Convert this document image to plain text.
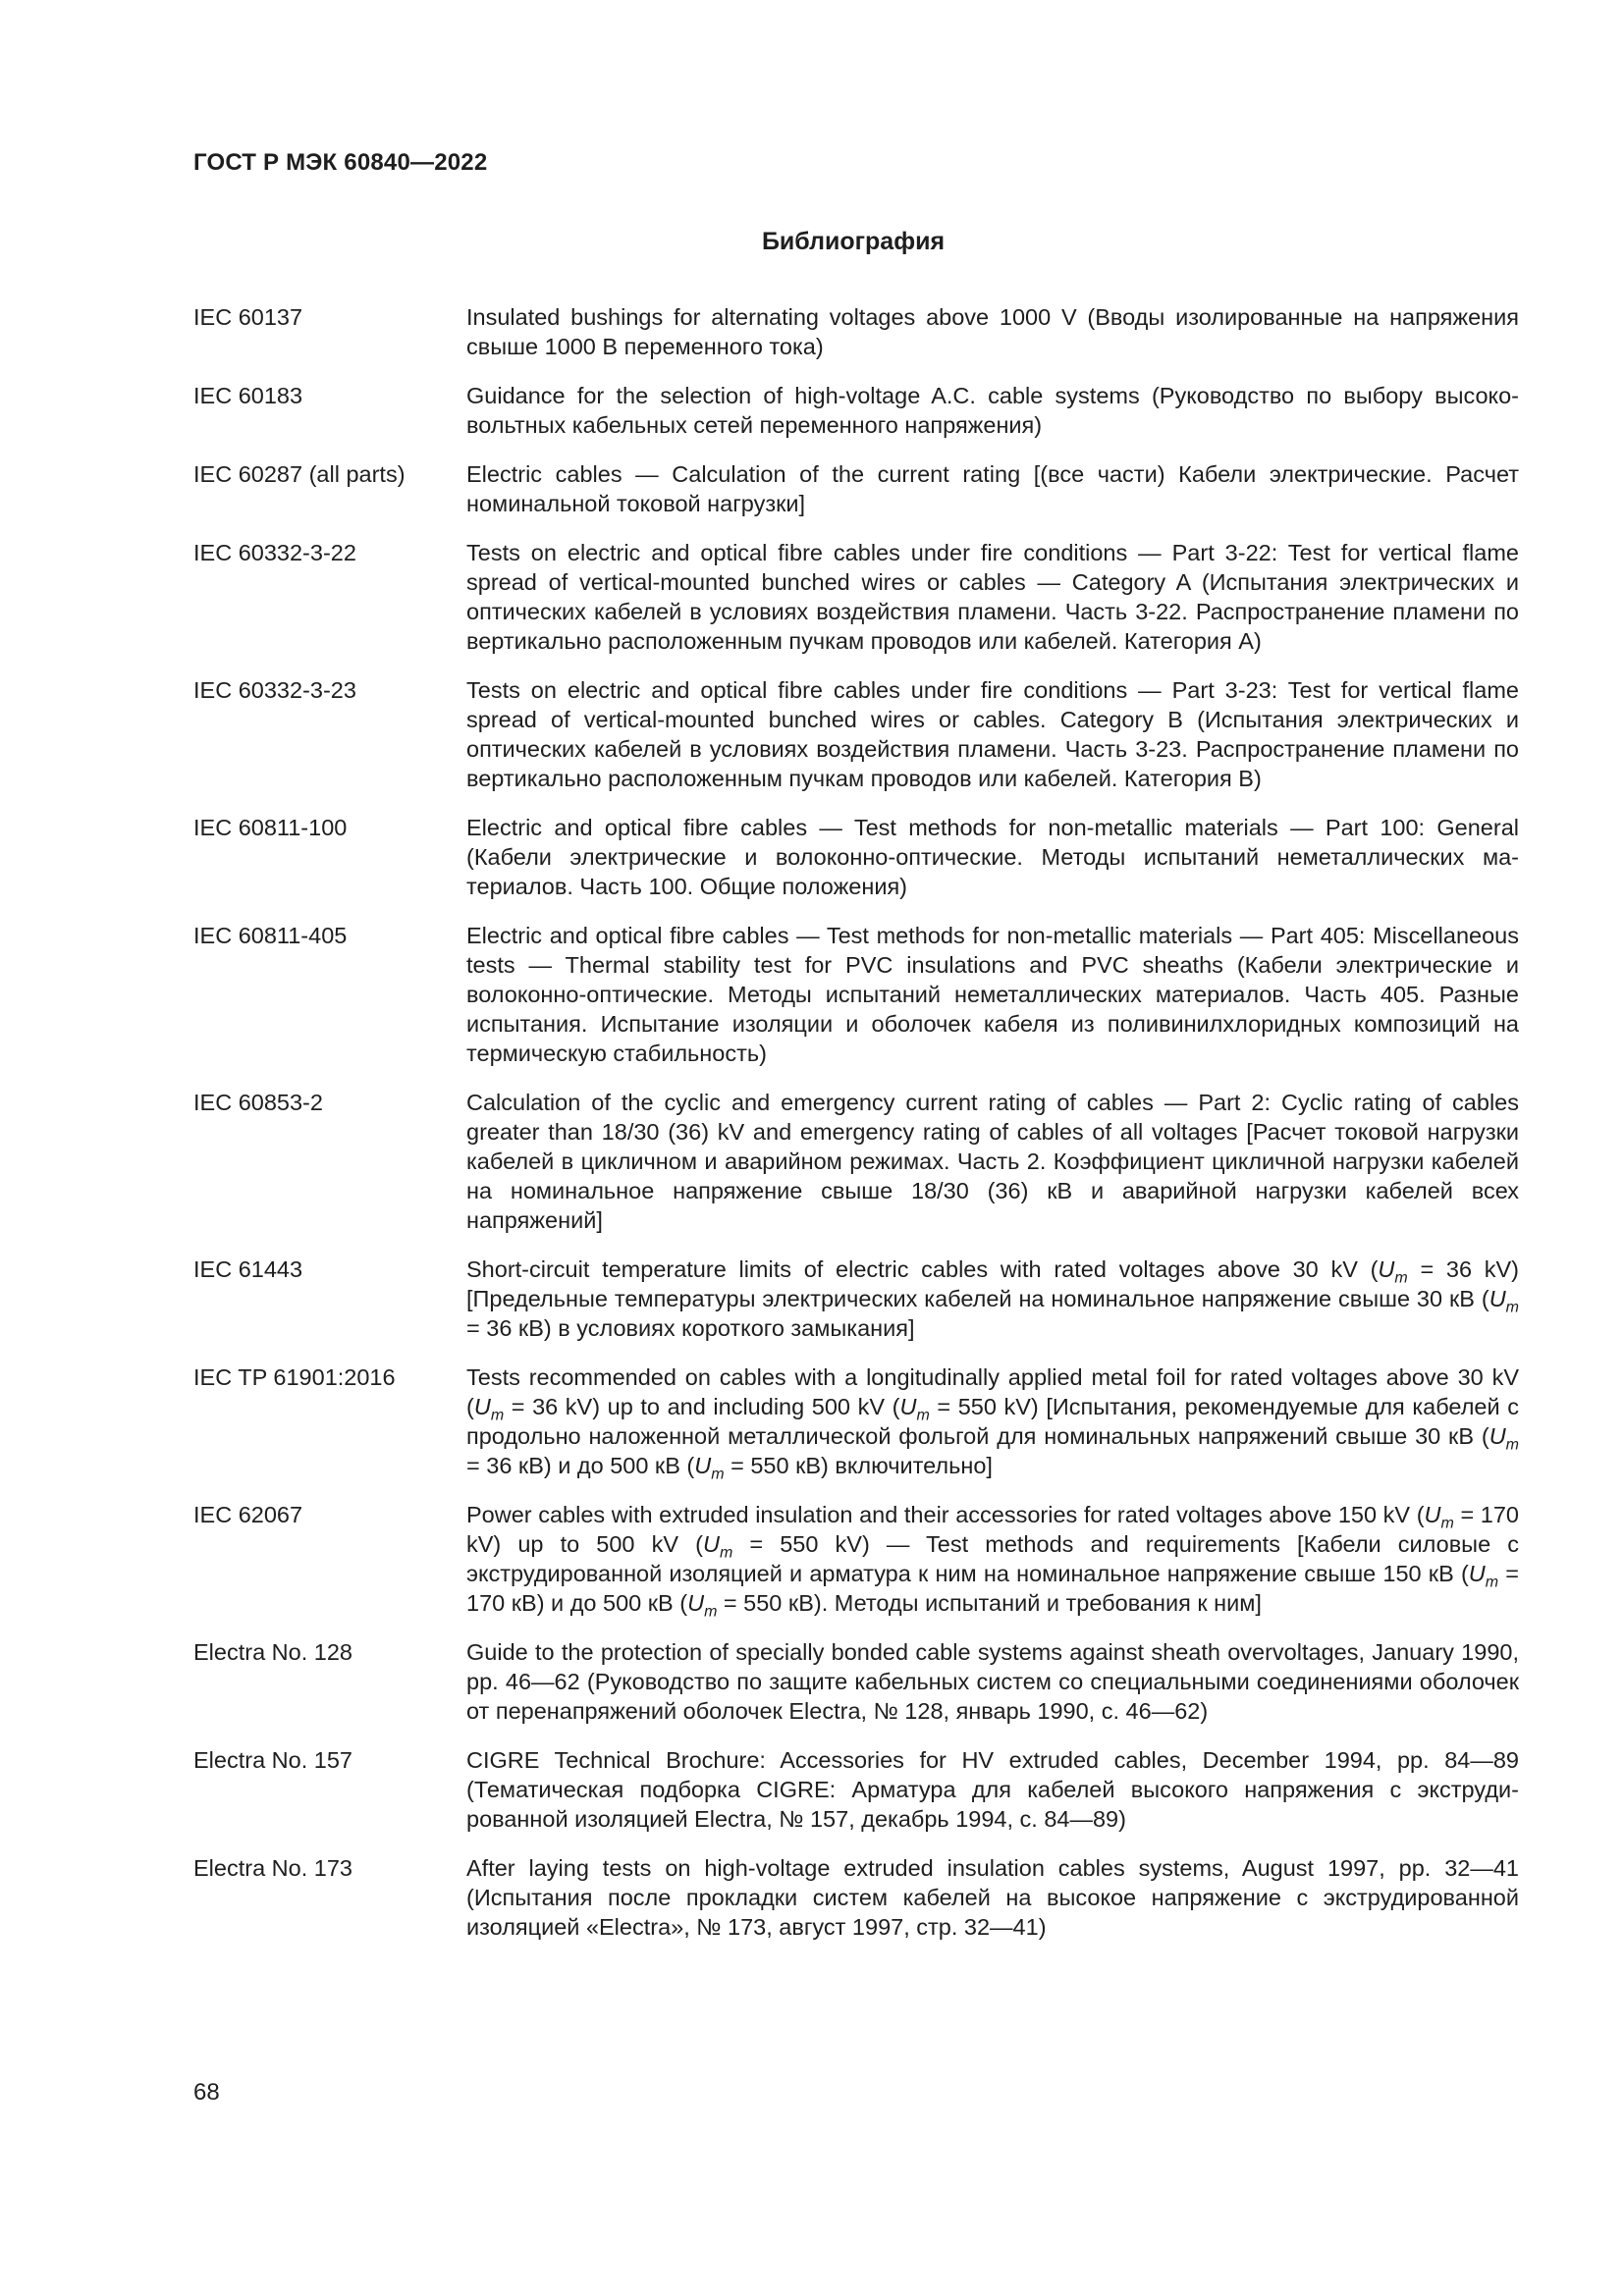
ГОСТ Р МЭК 60840—2022
Библиография
IEC 60137	Insulated bushings for alternating voltages above 1000 V (Вводы изолированные на напряжения свыше 1000 В переменного тока)
IEC 60183	Guidance for the selection of high-voltage A.C. cable systems (Руководство по выбору высоковольтных кабельных сетей переменного напряжения)
IEC 60287 (all parts)	Electric cables — Calculation of the current rating [(все части) Кабели электрические. Расчет номинальной токовой нагрузки]
IEC 60332-3-22	Tests on electric and optical fibre cables under fire conditions — Part 3-22: Test for vertical flame spread of vertical-mounted bunched wires or cables — Category A (Испытания электрических и оптических кабелей в условиях воздействия пламени. Часть 3-22. Распространение пламени по вертикально расположенным пучкам проводов или кабелей. Категория А)
IEC 60332-3-23	Tests on electric and optical fibre cables under fire conditions — Part 3-23: Test for vertical flame spread of vertical-mounted bunched wires or cables. Category B (Испытания электрических и оптических кабелей в условиях воздействия пламени. Часть 3-23. Распространение пламени по вертикально расположенным пучкам проводов или кабелей. Категория В)
IEC 60811-100	Electric and optical fibre cables — Test methods for non-metallic materials — Part 100: General (Кабели электрические и волоконно-оптические. Методы испытаний неметаллических материалов. Часть 100. Общие положения)
IEC 60811-405	Electric and optical fibre cables — Test methods for non-metallic materials — Part 405: Miscellaneous tests — Thermal stability test for PVC insulations and PVC sheaths (Кабели электрические и волоконно-оптические. Методы испытаний неметаллических материалов. Часть 405. Разные испытания. Испытание изоляции и оболочек кабеля из поливинилхлоридных композиций на термическую стабильность)
IEC 60853-2	Calculation of the cyclic and emergency current rating of cables — Part 2: Cyclic rating of cables greater than 18/30 (36) kV and emergency rating of cables of all voltages [Расчет токовой нагрузки кабелей в цикличном и аварийном режимах. Часть 2. Коэффициент цикличной нагрузки кабелей на номинальное напряжение свыше 18/30 (36) кВ и аварийной нагрузки кабелей всех напряжений]
IEC 61443	Short-circuit temperature limits of electric cables with rated voltages above 30 kV ($U_m = 36$ kV) [Предельные температуры электрических кабелей на номинальное напряжение свыше 30 кВ ($U_m = 36$ кВ) в условиях короткого замыкания]
IEC TP 61901:2016	Tests recommended on cables with a longitudinally applied metal foil for rated voltages above 30 kV ($U_m = 36$ kV) up to and including 500 kV ($U_m = 550$ kV) [Испытания, рекомендуемые для кабелей с продольно наложенной металлической фольгой для номинальных напряжений свыше 30 кВ ($U_m = 36$ кВ) и до 500 кВ ($U_m = 550$ кВ) включительно]
IEC 62067	Power cables with extruded insulation and their accessories for rated voltages above 150 kV ($U_m = 170$ kV) up to 500 kV ($U_m = 550$ kV) — Test methods and requirements [Кабели силовые с экструдированной изоляцией и арматура к ним на номинальное напряжение свыше 150 кВ ($U_m = 170$ кВ) и до 500 кВ ($U_m = 550$ кВ). Методы испытаний и требования к ним]
Electra No. 128	Guide to the protection of specially bonded cable systems against sheath overvoltages, January 1990, pp. 46—62 (Руководство по защите кабельных систем со специальными соединениями оболочек от перенапряжений оболочек Electra, № 128, январь 1990, с. 46—62)
Electra No. 157	CIGRE Technical Brochure: Accessories for HV extruded cables, December 1994, pp. 84—89 (Тематическая подборка CIGRE: Арматура для кабелей высокого напряжения с экструдированной изоляцией Electra, № 157, декабрь 1994, с. 84—89)
Electra No. 173	After laying tests on high-voltage extruded insulation cables systems, August 1997, pp. 32—41 (Испытания после прокладки систем кабелей на высокое напряжение с экструдированной изоляцией «Electra», № 173, август 1997, стр. 32—41)
68
